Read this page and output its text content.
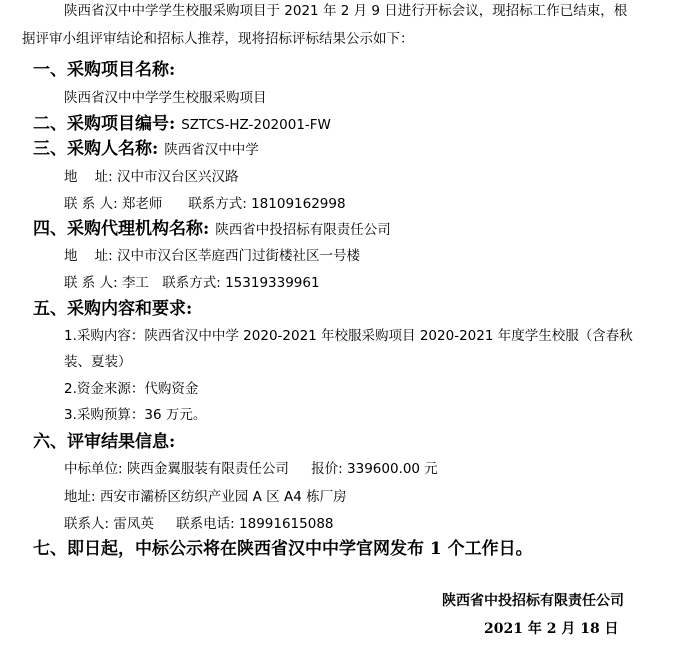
陕西省汉中中学学生校服采购项目于 2021 年 2 月 9 日进行开标会议，现招标工作已结束，根
据评审小组评审结论和招标人推荐，现将招标评标结果公示如下：
一、采购项目名称:
陕西省汉中中学学生校服采购项目
二、采购项目编号: SZTCS-HZ-202001-FW
三、采购人名称: 陕西省汉中中学
地    址: 汉中市汉台区兴汉路
联 系 人: 郑老师 联系方式: 18109162998
四、采购代理机构名称: 陕西省中投招标有限责任公司
地    址: 汉中市汉台区莘庭西门过街楼社区一号楼
联 系 人: 李工 联系方式: 15319339961
五、采购内容和要求:
1.采购内容：陕西省汉中中学 2020-2021 年校服采购项目 2020-2021 年度学生校服（含春秋
装、夏装）
2.资金来源：代购资金
3.采购预算：36 万元。
六、评审结果信息:
中标单位: 陕西金翼服装有限责任公司 报价: 339600.00 元
地址: 西安市灞桥区纺织产业园 A 区 A4 栋厂房
联系人: 雷凤英 联系电话: 18991615088
七、即日起，中标公示将在陕西省汉中中学官网发布 1 个工作日。
陕西省中投招标有限责任公司
2021 年 2 月 18 日
